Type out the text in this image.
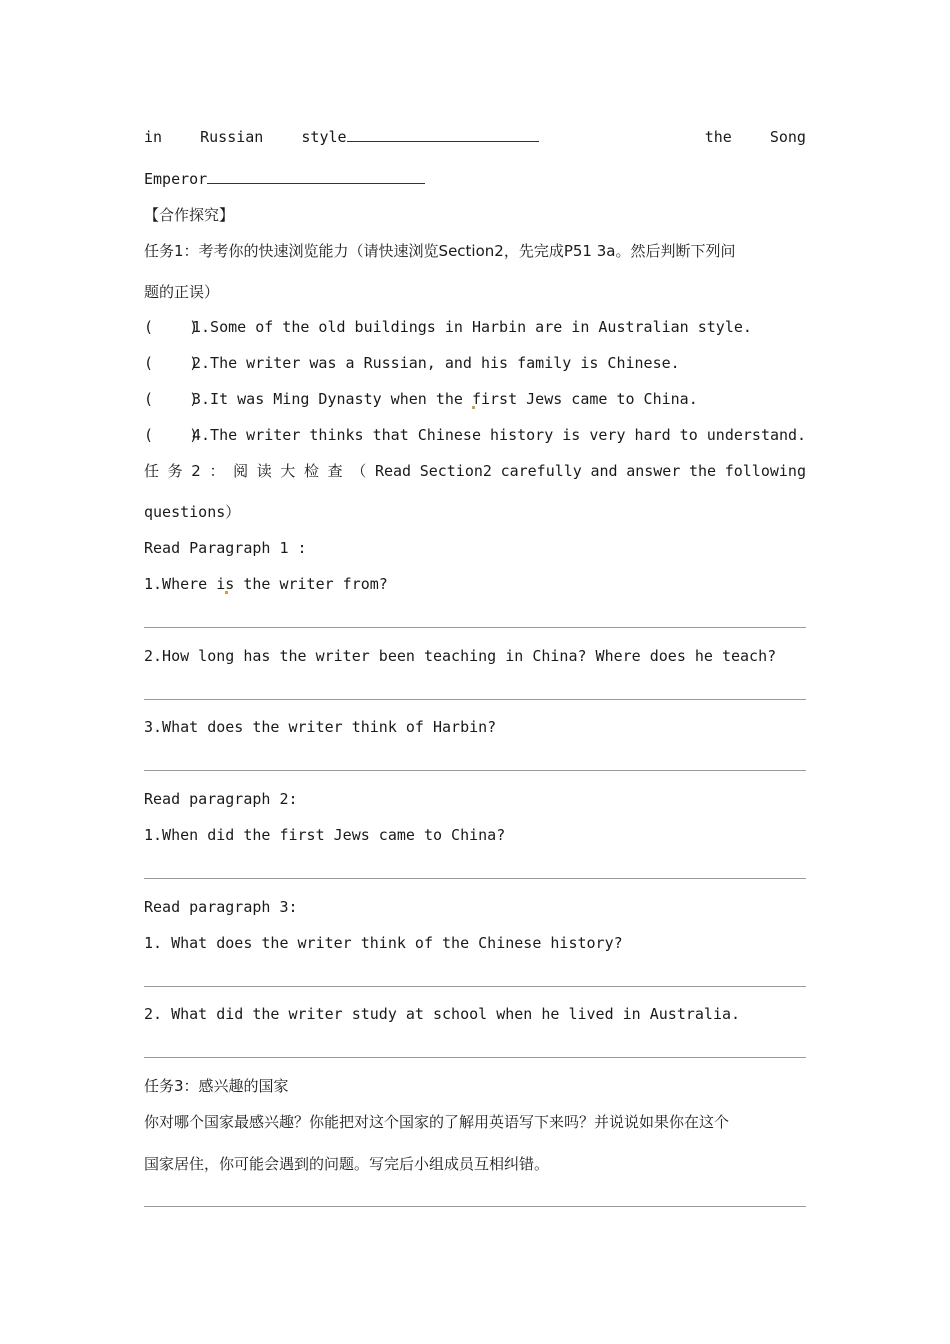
in	Russian	style	the	Song
Emperor
【合作探究】
任务1：考考你的快速浏览能力（请快速浏览Section2，先完成P51 3a。然后判断下列问
题的正误）
(    )1.Some of the old buildings in Harbin are in Australian style.
(    )2.The writer was a Russian, and his family is Chinese.
(    )3.It was Ming Dynasty when the first Jews came to China.
(    )4.The writer thinks that Chinese history is very hard to understand.
任 务 2 ： 阅 读 大 检 查 （ Read Section2 carefully and answer the following
questions）
Read Paragraph 1 :
1.Where is the writer from?
2.How long has the writer been teaching in China? Where does he teach?
3.What does the writer think of Harbin?
Read paragraph 2:
1.When did the first Jews came to China?
Read paragraph 3:
1. What does the writer think of the Chinese history?
2. What did the writer study at school when he lived in Australia.
任务3：感兴趣的国家
你对哪个国家最感兴趣？你能把对这个国家的了解用英语写下来吗？并说说如果你在这个
国家居住，你可能会遇到的问题。写完后小组成员互相纠错。
